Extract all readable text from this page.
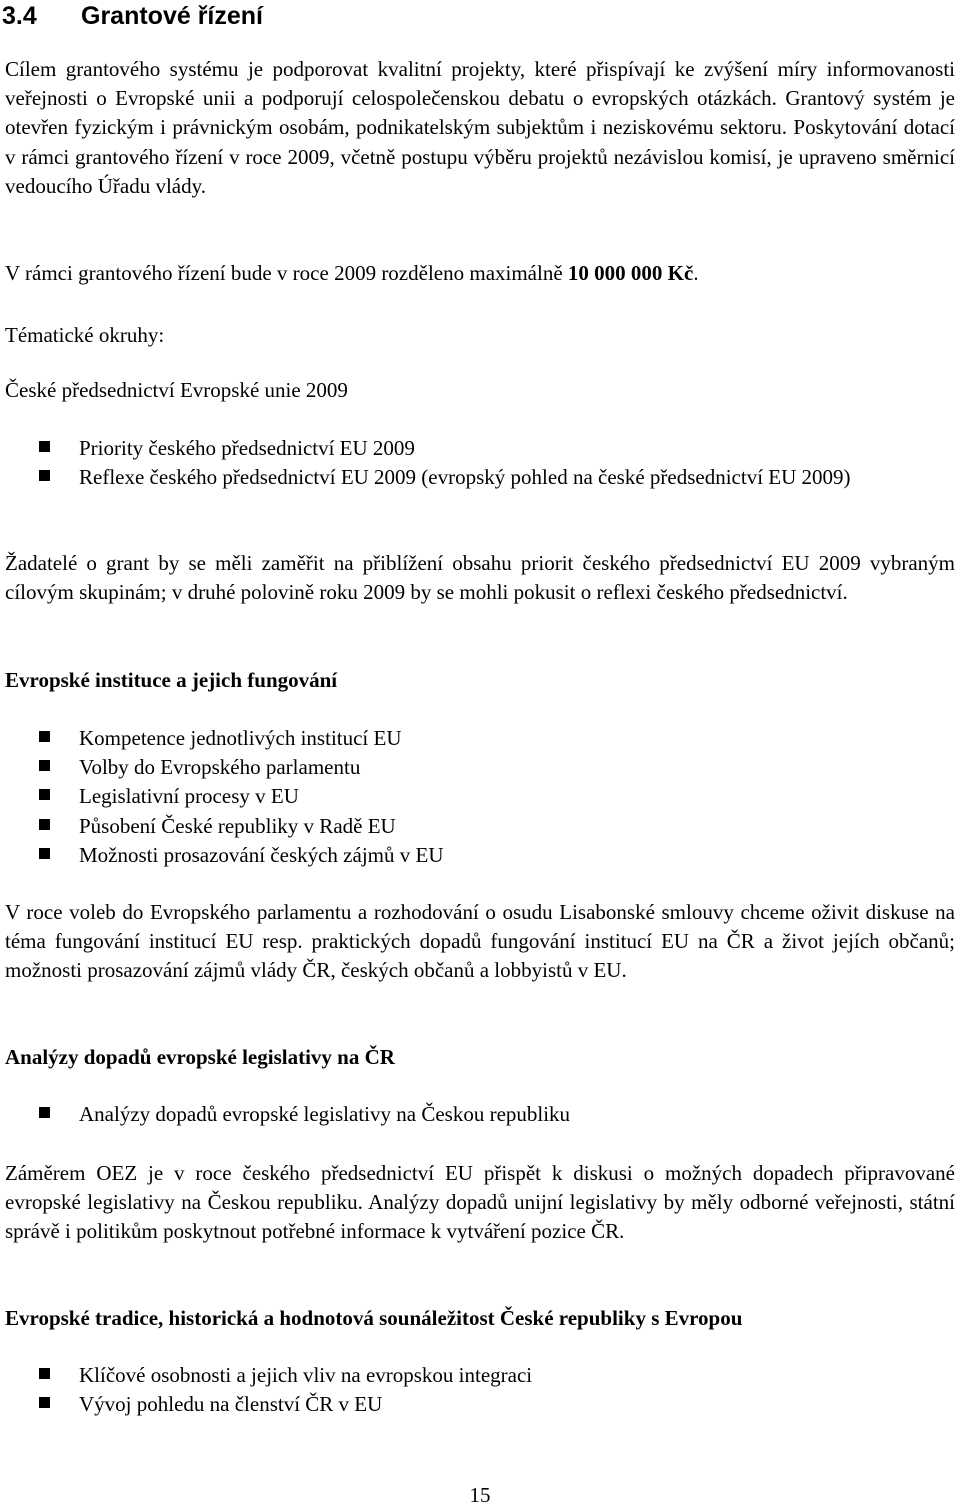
3.4 Grantové řízení

Cílem grantového systému je podporovat kvalitní projekty, které přispívají ke zvýšení míry informovanosti veřejnosti o Evropské unii a podporují celospolečenskou debatu o evropských otázkách. Grantový systém je otevřen fyzickým i právnickým osobám, podnikatelským subjektům i neziskovému sektoru. Poskytování dotací v rámci grantového řízení v roce 2009, včetně postupu výběru projektů nezávislou komisí, je upraveno směrnicí vedoucího Úřadu vlády.

V rámci grantového řízení bude v roce 2009 rozděleno maximálně 10 000 000 Kč.

Tématické okruhy:
České předsednictví Evropské unie 2009
Priority českého předsednictví EU 2009
Reflexe českého předsednictví EU 2009 (evropský pohled na české předsednictví EU 2009)

Žadatelé o grant by se měli zaměřit na přiblížení obsahu priorit českého předsednictví EU 2009 vybraným cílovým skupinám; v druhé polovině roku 2009 by se mohli pokusit o reflexi českého předsednictví.

Evropské instituce a jejich fungování
Kompetence jednotlivých institucí EU
Volby do Evropského parlamentu
Legislativní procesy v EU
Působení České republiky v Radě EU
Možnosti prosazování českých zájmů v EU

V roce voleb do Evropského parlamentu a rozhodování o osudu Lisabonské smlouvy chceme oživit diskuse na téma fungování institucí EU resp. praktických dopadů fungování institucí EU na ČR a život jejích občanů; možnosti prosazování zájmů vlády ČR, českých občanů a lobbyistů v EU.

Analýzy dopadů evropské legislativy na ČR
Analýzy dopadů evropské legislativy na Českou republiku

Záměrem OEZ je v roce českého předsednictví EU přispět k diskusi o možných dopadech připravované evropské legislativy na Českou republiku. Analýzy dopadů unijní legislativy by měly odborné veřejnosti, státní správě i politikům poskytnout potřebné informace k vytváření pozice ČR.

Evropské tradice, historická a hodnotová sounáležitost České republiky s Evropou
Klíčové osobnosti a jejich vliv na evropskou integraci
Vývoj pohledu na členství ČR v EU
15
